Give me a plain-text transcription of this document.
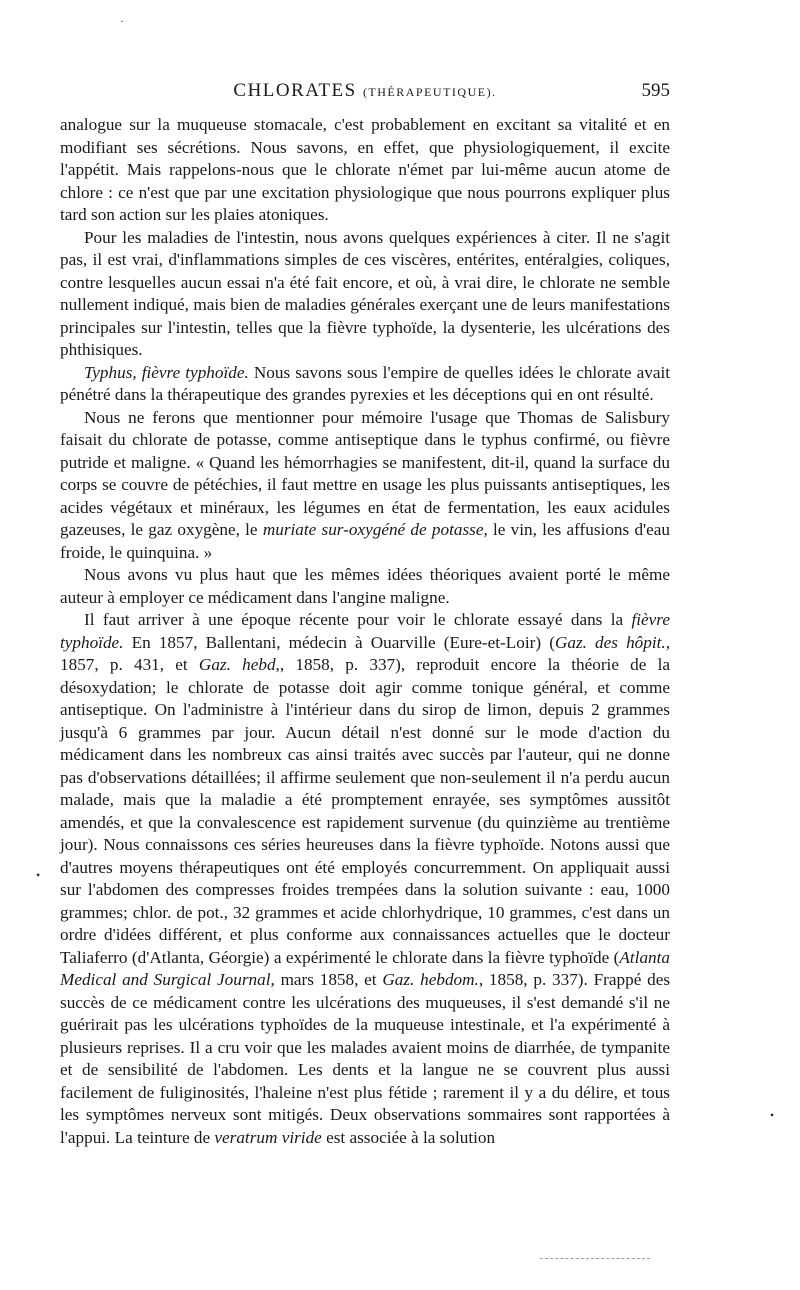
CHLORATES (THÉRAPEUTIQUE).	595

analogue sur la muqueuse stomacale, c'est probablement en excitant sa vitalité et en modifiant ses sécrétions. Nous savons, en effet, que physiologiquement, il excite l'appétit. Mais rappelons-nous que le chlorate n'émet par lui-même aucun atome de chlore : ce n'est que par une excitation physiologique que nous pourrons expliquer plus tard son action sur les plaies atoniques.

Pour les maladies de l'intestin, nous avons quelques expériences à citer. Il ne s'agit pas, il est vrai, d'inflammations simples de ces viscères, entérites, entéralgies, coliques, contre lesquelles aucun essai n'a été fait encore, et où, à vrai dire, le chlorate ne semble nullement indiqué, mais bien de maladies générales exerçant une de leurs manifestations principales sur l'intestin, telles que la fièvre typhoïde, la dysenterie, les ulcérations des phthisiques.

Typhus, fièvre typhoïde. Nous savons sous l'empire de quelles idées le chlorate avait pénétré dans la thérapeutique des grandes pyrexies et les déceptions qui en ont résulté.

Nous ne ferons que mentionner pour mémoire l'usage que Thomas de Salisbury faisait du chlorate de potasse, comme antiseptique dans le typhus confirmé, ou fièvre putride et maligne. « Quand les hémorrhagies se manifestent, dit-il, quand la surface du corps se couvre de pétéchies, il faut mettre en usage les plus puissants antiseptiques, les acides végétaux et minéraux, les légumes en état de fermentation, les eaux acidules gazeuses, le gaz oxygène, le muriate sur-oxygéné de potasse, le vin, les affusions d'eau froide, le quinquina. »

Nous avons vu plus haut que les mêmes idées théoriques avaient porté le même auteur à employer ce médicament dans l'angine maligne.

Il faut arriver à une époque récente pour voir le chlorate essayé dans la fièvre typhoïde. En 1857, Ballentani, médecin à Ouarville (Eure-et-Loir) (Gaz. des hôpit., 1857, p. 431, et Gaz. hebd,, 1858, p. 337), reproduit encore la théorie de la désoxydation; le chlorate de potasse doit agir comme tonique général, et comme antiseptique. On l'administre à l'intérieur dans du sirop de limon, depuis 2 grammes jusqu'à 6 grammes par jour. Aucun détail n'est donné sur le mode d'action du médicament dans les nombreux cas ainsi traités avec succès par l'auteur, qui ne donne pas d'observations détaillées; il affirme seulement que non-seulement il n'a perdu aucun malade, mais que la maladie a été promptement enrayée, ses symptômes aussitôt amendés, et que la convalescence est rapidement survenue (du quinzième au trentième jour). Nous connaissons ces séries heureuses dans la fièvre typhoïde. Notons aussi que d'autres moyens thérapeutiques ont été employés concurremment. On appliquait aussi sur l'abdomen des compresses froides trempées dans la solution suivante : eau, 1000 grammes; chlor. de pot., 32 grammes et acide chlorhydrique, 10 grammes, c'est dans un ordre d'idées différent, et plus conforme aux connaissances actuelles que le docteur Taliaferro (d'Atlanta, Géorgie) a expérimenté le chlorate dans la fièvre typhoïde (Atlanta Medical and Surgical Journal, mars 1858, et Gaz. hebdom., 1858, p. 337). Frappé des succès de ce médicament contre les ulcérations des muqueuses, il s'est demandé s'il ne guérirait pas les ulcérations typhoïdes de la muqueuse intestinale, et l'a expérimenté à plusieurs reprises. Il a cru voir que les malades avaient moins de diarrhée, de tympanite et de sensibilité de l'abdomen. Les dents et la langue ne se couvrent plus aussi facilement de fuliginosités, l'haleine n'est plus fétide ; rarement il y a du délire, et tous les symptômes nerveux sont mitigés. Deux observations sommaires sont rapportées à l'appui. La teinture de veratrum viride est associée à la solution

·
•
•
